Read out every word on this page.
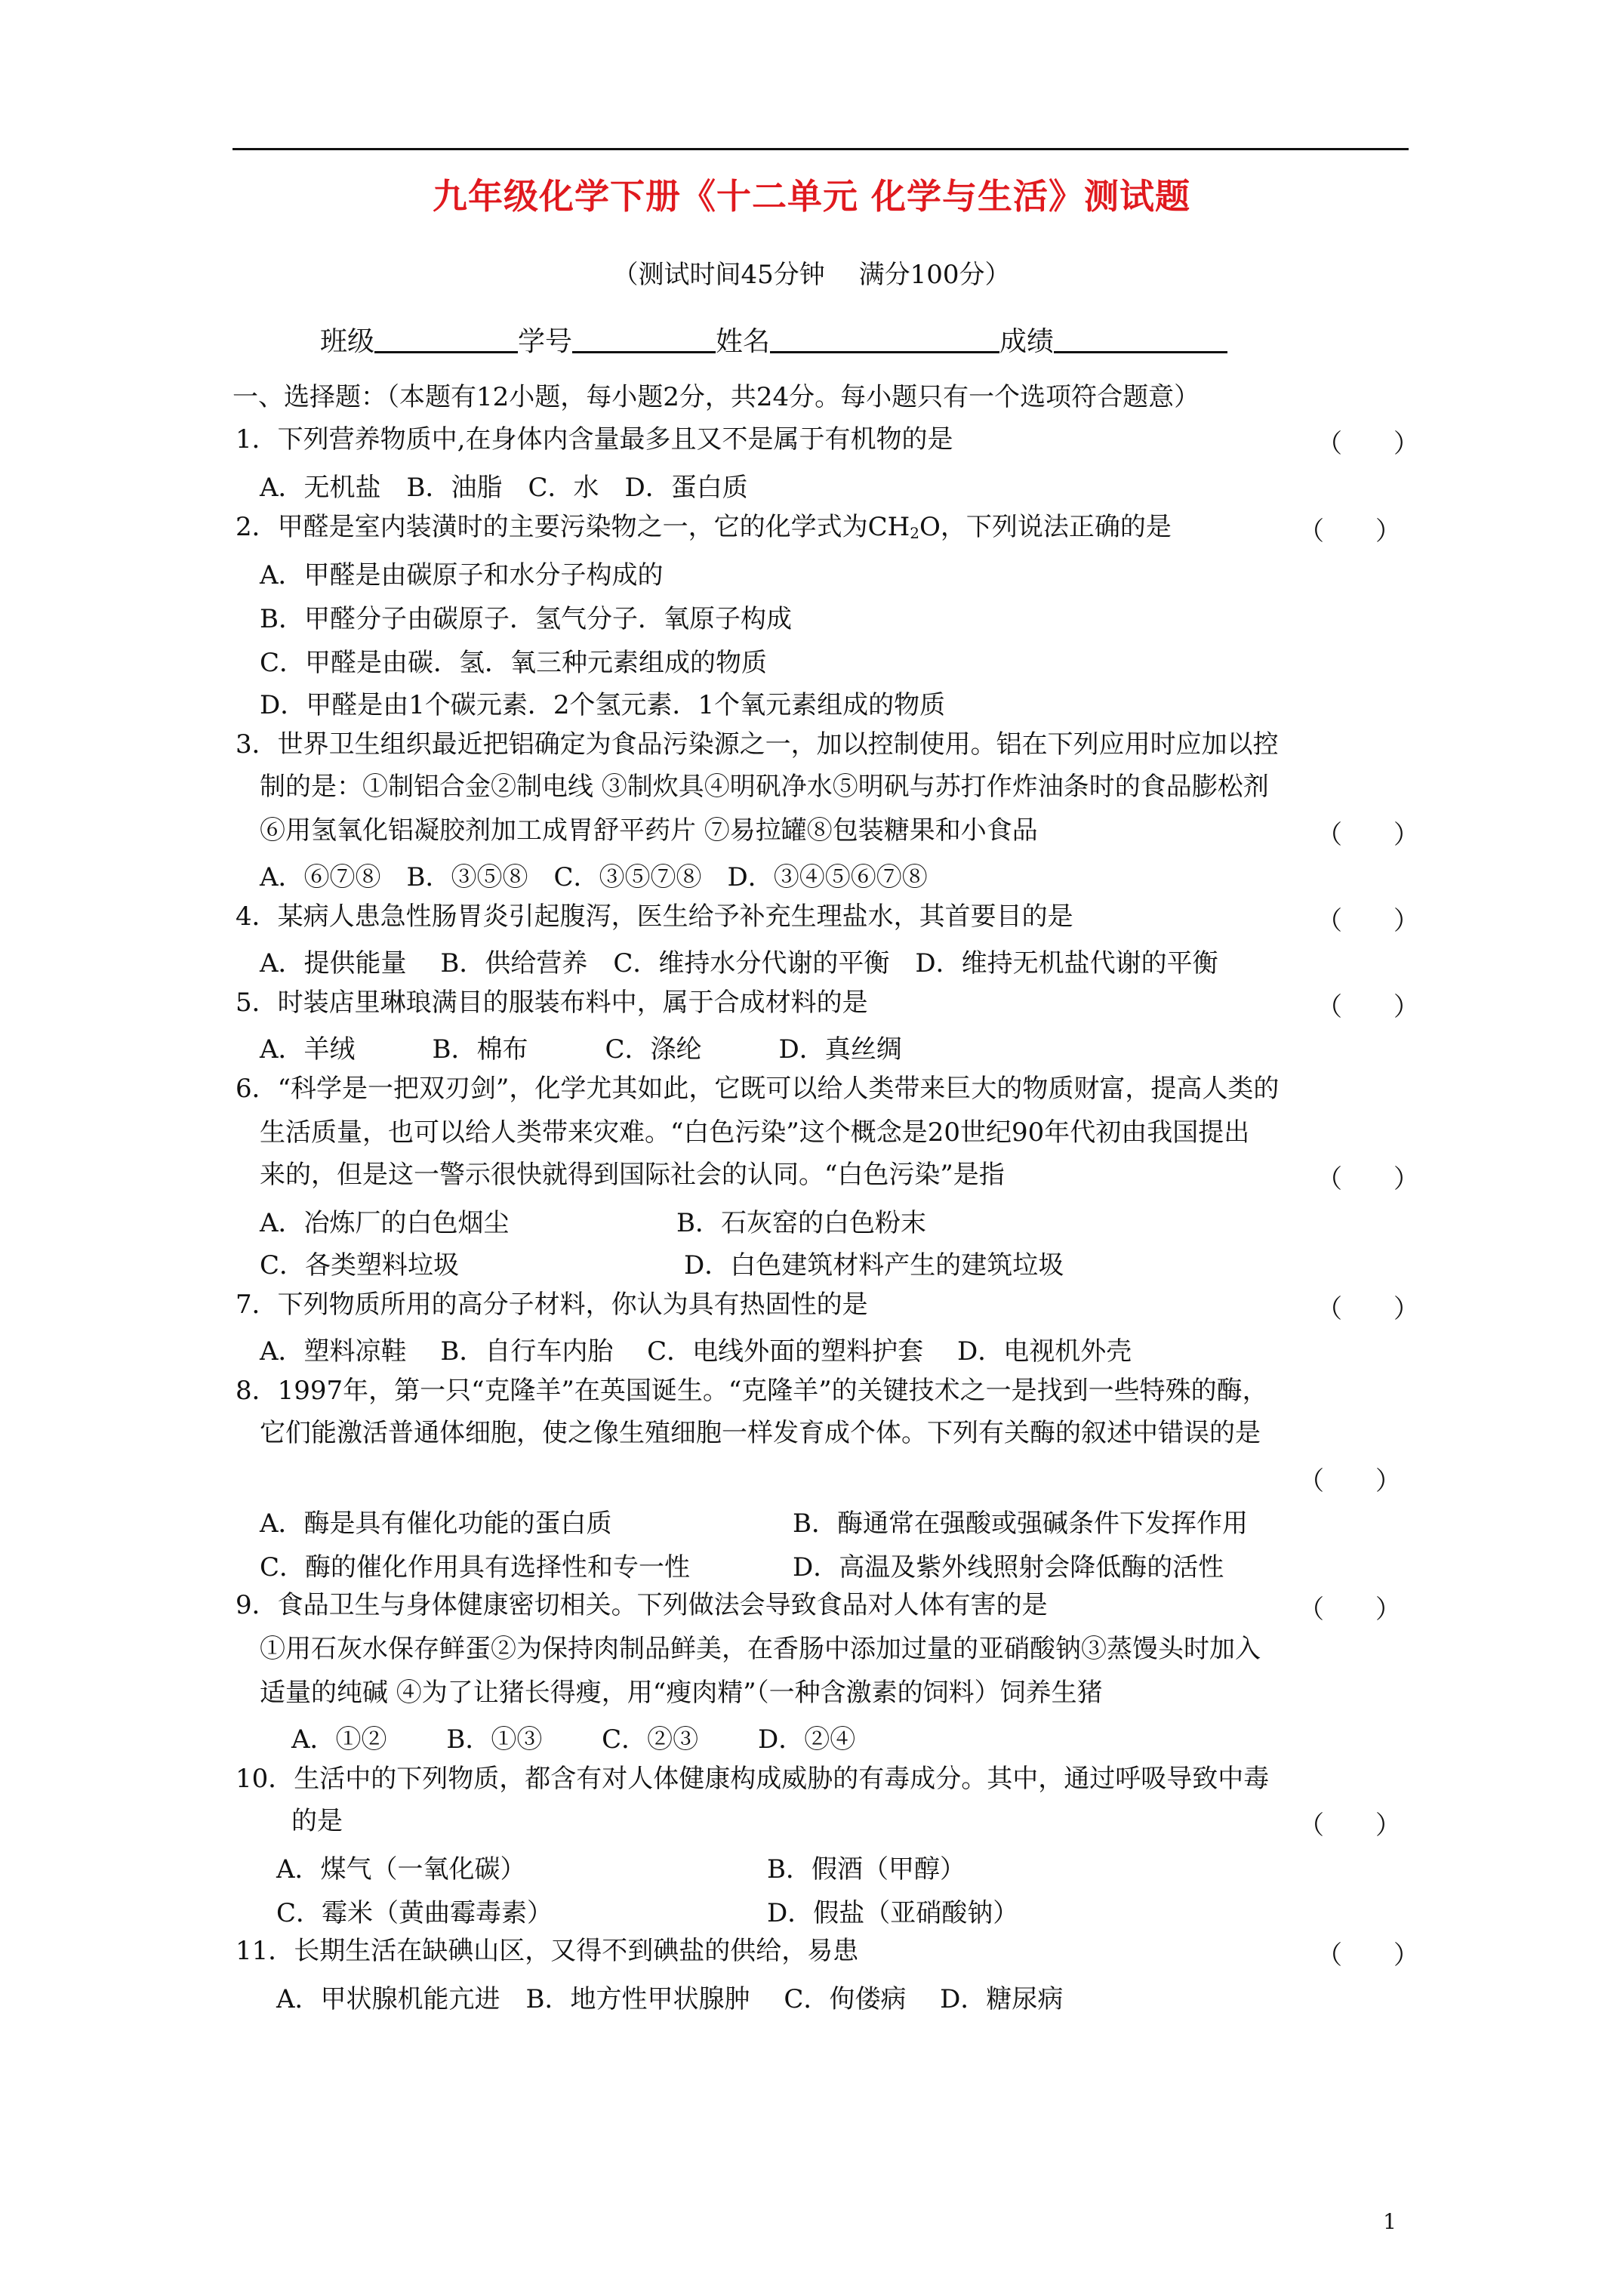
九年级化学下册《十二单元 化学与生活》测试题
（测试时间45分钟　 满分100分）
班级	学号	姓名	成绩
一、选择题：（本题有12小题，每小题2分，共24分。每小题只有一个选项符合题意）
1．下列营养物质中,在身体内含量最多且又不是属于有机物的是	（　　）
A．无机盐　B．油脂　C．水　D．蛋白质
2．甲醛是室内装潢时的主要污染物之一，它的化学式为$CH_2O$，下列说法正确的是	（　　）
A．甲醛是由碳原子和水分子构成的
B．甲醛分子由碳原子．氢气分子．氧原子构成
C．甲醛是由碳．氢．氧三种元素组成的物质
D．甲醛是由1个碳元素．2个氢元素．1个氧元素组成的物质
3．世界卫生组织最近把铝确定为食品污染源之一，加以控制使用。铝在下列应用时应加以控
制的是：①制铝合金②制电线 ③制炊具④明矾净水⑤明矾与苏打作炸油条时的食品膨松剂
⑥用氢氧化铝凝胶剂加工成胃舒平药片 ⑦易拉罐⑧包装糖果和小食品	（　　）
A．⑥⑦⑧　B．③⑤⑧　C．③⑤⑦⑧　D．③④⑤⑥⑦⑧
4．某病人患急性肠胃炎引起腹泻，医生给予补充生理盐水，其首要目的是	（　　）
A．提供能量　 B．供给营养　C．维持水分代谢的平衡　D．维持无机盐代谢的平衡
5．时装店里琳琅满目的服装布料中，属于合成材料的是	（　　）
A．羊绒　　　B．棉布　　　C．涤纶　　　D．真丝绸
6．“科学是一把双刃剑”，化学尤其如此，它既可以给人类带来巨大的物质财富，提高人类的
生活质量，也可以给人类带来灾难。“白色污染”这个概念是20世纪90年代初由我国提出
来的，但是这一警示很快就得到国际社会的认同。“白色污染”是指	（　　）
A．冶炼厂的白色烟尘	B．石灰窑的白色粉末
C．各类塑料垃圾	D．白色建筑材料产生的建筑垃圾
7．下列物质所用的高分子材料，你认为具有热固性的是	（　　）
A．塑料凉鞋　 B．自行车内胎　 C．电线外面的塑料护套　 D．电视机外壳
8．1997年，第一只“克隆羊”在英国诞生。“克隆羊”的关键技术之一是找到一些特殊的酶，
它们能激活普通体细胞，使之像生殖细胞一样发育成个体。下列有关酶的叙述中错误的是
（　　）
A．酶是具有催化功能的蛋白质	B．酶通常在强酸或强碱条件下发挥作用
C．酶的催化作用具有选择性和专一性	D．高温及紫外线照射会降低酶的活性
9．食品卫生与身体健康密切相关。下列做法会导致食品对人体有害的是	（　　）
①用石灰水保存鲜蛋②为保持肉制品鲜美，在香肠中添加过量的亚硝酸钠③蒸馒头时加入
适量的纯碱 ④为了让猪长得瘦，用“瘦肉精”（一种含激素的饲料）饲养生猪
A．①②　　 B．①③　　 C．②③　　 D．②④
10．生活中的下列物质，都含有对人体健康构成威胁的有毒成分。其中，通过呼吸导致中毒
的是	（　　）
A．煤气（一氧化碳）	B．假酒（甲醇）
C．霉米（黄曲霉毒素）	D．假盐（亚硝酸钠）
11．长期生活在缺碘山区，又得不到碘盐的供给，易患	（　　）
A．甲状腺机能亢进　B．地方性甲状腺肿　 C．佝偻病　 D．糖尿病
1
